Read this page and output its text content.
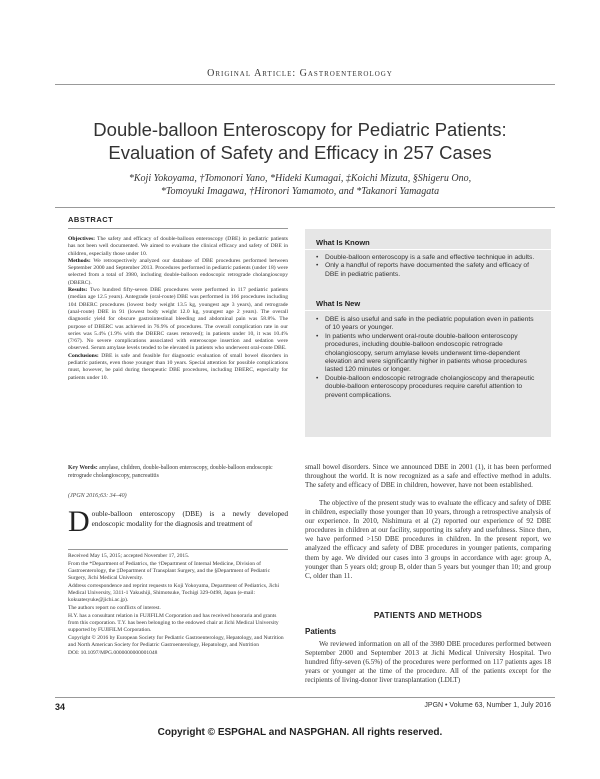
Original Article: Gastroenterology
Double-balloon Enteroscopy for Pediatric Patients:
Evaluation of Safety and Efficacy in 257 Cases
*Koji Yokoyama, †Tomonori Yano, *Hideki Kumagai, ‡Koichi Mizuta, §Shigeru Ono,
*Tomoyuki Imagawa, †Hironori Yamamoto, and *Takanori Yamagata
ABSTRACT

Objectives: The safety and efficacy of double-balloon enteroscopy (DBE) in pediatric patients has not been well documented. We aimed to evaluate the clinical efficacy and safety of DBE in children, especially those under 10.

Methods: We retrospectively analyzed our database of DBE procedures performed between September 2000 and September 2013. Procedures performed in pediatric patients (under 18) were selected from a total of 3980, including double-balloon endoscopic retrograde cholangioscopy (DBERC).

Results: Two hundred fifty-seven DBE procedures were performed in 117 pediatric patients (median age 12.5 years). Antegrade (oral-route) DBE was performed in 166 procedures including 104 DBERC procedures (lowest body weight 13.5 kg, youngest age 3 years), and retrograde (anal-route) DBE in 91 (lowest body weight 12.0 kg, youngest age 2 years). The overall diagnostic yield for obscure gastrointestinal bleeding and abdominal pain was 58.8%. The purpose of DBERC was achieved in 76.9% of procedures. The overall complication rate in our series was 5.4% (1.9% with the DBERC cases removed); in patients under 10, it was 10.4% (7/67). No severe complications associated with enteroscope insertion and sedation were observed. Serum amylase levels tended to be elevated in patients who underwent oral-route DBE.

Conclusions: DBE is safe and feasible for diagnostic evaluation of small bowel disorders in pediatric patients, even those younger than 10 years. Special attention for possible complications must, however, be paid during therapeutic DBE procedures, including DBERC, especially for patients under 10.

Key Words: amylase, children, double-balloon enteroscopy, double-balloon endoscopic retrograde cholangioscopy, pancreatitis
(JPGN 2016;63: 34–40)
Double-balloon enteroscopy (DBE) is a newly developed endoscopic modality for the diagnosis and treatment of

Received May 15, 2015; accepted November 17, 2015.

From the *Department of Pediatrics, the †Department of Internal Medicine, Division of Gastroenterology, the ‡Department of Transplant Surgery, and the §Department of Pediatric Surgery, Jichi Medical University.

Address correspondence and reprint requests to Koji Yokoyama, Department of Pediatrics, Jichi Medical University, 3311-1 Yakushiji, Shimotsuke, Tochigi 329-0498, Japan (e-mail: kokuatesyuke@jichi.ac.jp).

The authors report no conflicts of interest.

H.Y. has a consultant relation in FUJIFILM Corporation and has received honoraria and grants from this corporation. T.Y. has been belonging to the endowed chair at Jichi Medical University supported by FUJIFILM Corporation.

Copyright © 2016 by European Society for Pediatric Gastroenterology, Hepatology, and Nutrition and North American Society for Pediatric Gastroenterology, Hepatology, and Nutrition

DOI: 10.1097/MPG.0000000000001048

What Is Known
• Double-balloon enteroscopy is a safe and effective technique in adults.
• Only a handful of reports have documented the safety and efficacy of DBE in pediatric patients.
What Is New
• DBE is also useful and safe in the pediatric population even in patients of 10 years or younger.
• In patients who underwent oral-route double-balloon enteroscopy procedures, including double-balloon endoscopic retrograde cholangioscopy, serum amylase levels underwent time-dependent elevation and were significantly higher in patients whose procedures lasted 120 minutes or longer.
• Double-balloon endoscopic retrograde cholangioscopy and therapeutic double-balloon enteroscopy procedures require careful attention to prevent complications.

small bowel disorders. Since we announced DBE in 2001 (1), it has been performed throughout the world. It is now recognized as a safe and effective method in adults. The safety and efficacy of DBE in children, however, have not been established.

The objective of the present study was to evaluate the efficacy and safety of DBE in children, especially those younger than 10 years, through a retrospective analysis of our experience. In 2010, Nishimura et al (2) reported our experience of 92 DBE procedures in children at our facility, supporting its safety and usefulness. Since then, we have performed >150 DBE procedures in children. In the present report, we analyzed the efficacy and safety of DBE procedures in younger patients, comparing them by age. We divided our cases into 3 groups in accordance with age: group A, younger than 5 years old; group B, older than 5 years but younger than 10; and group C, older than 11.

PATIENTS AND METHODS
Patients

We reviewed information on all of the 3980 DBE procedures performed between September 2000 and September 2013 at Jichi Medical University Hospital. Two hundred fifty-seven (6.5%) of the procedures were performed on 117 patients ages 18 years or younger at the time of the procedure. All of the patients except for the recipients of living-donor liver transplantation (LDLT)

34	JPGN • Volume 63, Number 1, July 2016
Copyright © ESPGHAL and NASPGHAN. All rights reserved.
